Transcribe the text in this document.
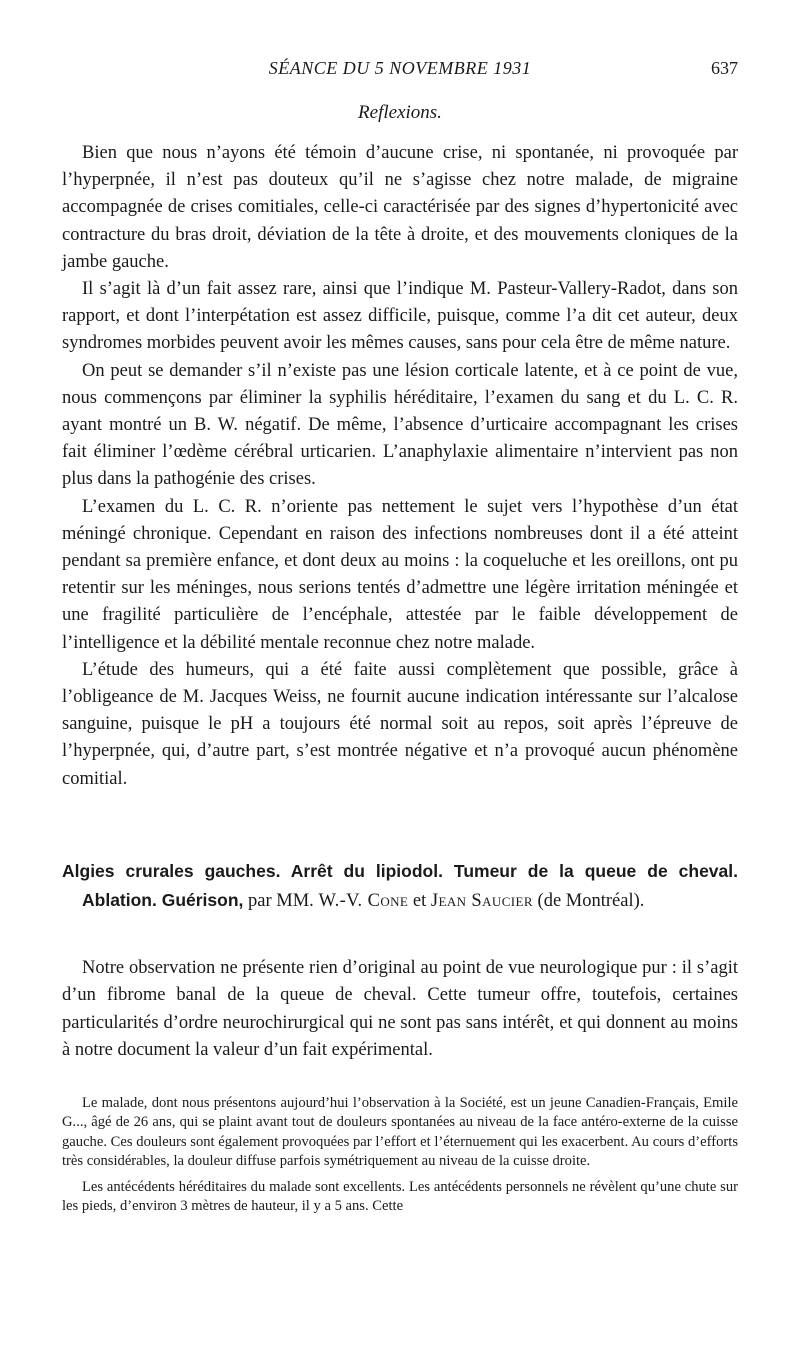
SÉANCE DU 5 NOVEMBRE 1931	637
Reflexions.

Bien que nous n’ayons été témoin d’aucune crise, ni spontanée, ni provoquée par l’hyperpnée, il n’est pas douteux qu’il ne s’agisse chez notre malade, de migraine accompagnée de crises comitiales, celle-ci caractérisée par des signes d’hypertonicité avec contracture du bras droit, déviation de la tête à droite, et des mouvements cloniques de la jambe gauche.

Il s’agit là d’un fait assez rare, ainsi que l’indique M. Pasteur-Vallery-Radot, dans son rapport, et dont l’interpétation est assez difficile, puisque, comme l’a dit cet auteur, deux syndromes morbides peuvent avoir les mêmes causes, sans pour cela être de même nature.

On peut se demander s’il n’existe pas une lésion corticale latente, et à ce point de vue, nous commençons par éliminer la syphilis héréditaire, l’examen du sang et du L. C. R. ayant montré un B. W. négatif. De même, l’absence d’urticaire accompagnant les crises fait éliminer l’œdème cérébral urticarien. L’anaphylaxie alimentaire n’intervient pas non plus dans la pathogénie des crises.

L’examen du L. C. R. n’oriente pas nettement le sujet vers l’hypothèse d’un état méningé chronique. Cependant en raison des infections nombreuses dont il a été atteint pendant sa première enfance, et dont deux au moins : la coqueluche et les oreillons, ont pu retentir sur les méninges, nous serions tentés d’admettre une légère irritation méningée et une fragilité particulière de l’encéphale, attestée par le faible développement de l’intelligence et la débilité mentale reconnue chez notre malade.

L’étude des humeurs, qui a été faite aussi complètement que possible, grâce à l’obligeance de M. Jacques Weiss, ne fournit aucune indication intéressante sur l’alcalose sanguine, puisque le pH a toujours été normal soit au repos, soit après l’épreuve de l’hyperpnée, qui, d’autre part, s’est montrée négative et n’a provoqué aucun phénomène comitial.

Algies crurales gauches. Arrêt du lipiodol. Tumeur de la queue de cheval. Ablation. Guérison, par MM. W.-V. Cone et Jean Saucier (de Montréal).

Notre observation ne présente rien d’original au point de vue neurologique pur : il s’agit d’un fibrome banal de la queue de cheval. Cette tumeur offre, toutefois, certaines particularités d’ordre neurochirurgical qui ne sont pas sans intérêt, et qui donnent au moins à notre document la valeur d’un fait expérimental.

Le malade, dont nous présentons aujourd’hui l’observation à la Société, est un jeune Canadien-Français, Emile G..., âgé de 26 ans, qui se plaint avant tout de douleurs spontanées au niveau de la face antéro-externe de la cuisse gauche. Ces douleurs sont également provoquées par l’effort et l’éternuement qui les exacerbent. Au cours d’efforts très considérables, la douleur diffuse parfois symétriquement au niveau de la cuisse droite.

Les antécédents héréditaires du malade sont excellents. Les antécédents personnels ne révèlent qu’une chute sur les pieds, d’environ 3 mètres de hauteur, il y a 5 ans. Cette
